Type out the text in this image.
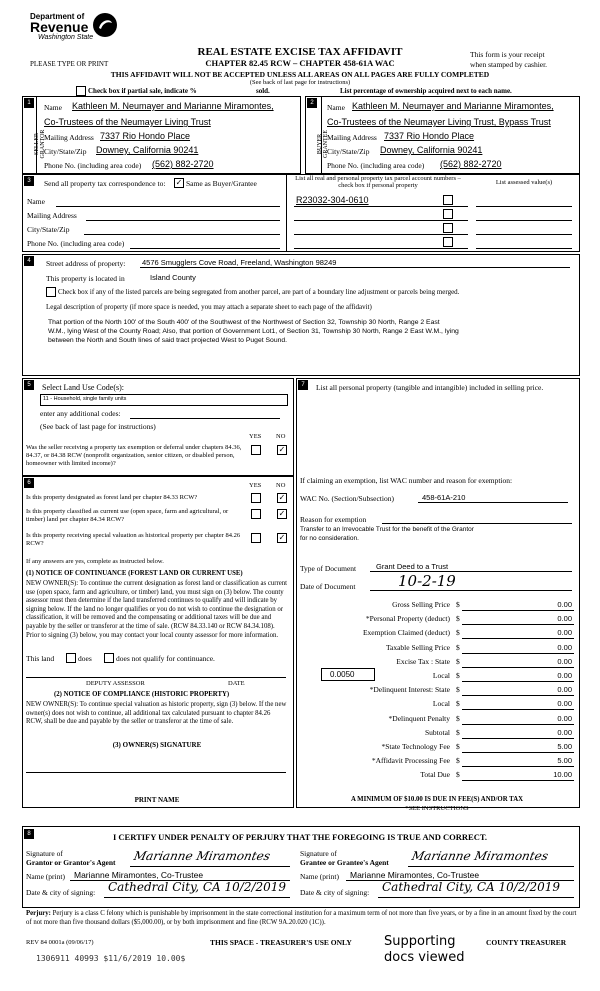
Department of
Revenue
Washington State
PLEASE TYPE OR PRINT
REAL ESTATE EXCISE TAX AFFIDAVIT
CHAPTER 82.45 RCW – CHAPTER 458-61A WAC
This form is your receipt
when stamped by cashier.
THIS AFFIDAVIT WILL NOT BE ACCEPTED UNLESS ALL AREAS ON ALL PAGES ARE FULLY COMPLETED
(See back of last page for instructions)
Check box if partial sale, indicate %	sold.	List percentage of ownership acquired next to each name.
1
SELLER GRANTOR
Name Kathleen M. Neumayer and Marianne Miramontes,
Co-Trustees of the Neumayer Living Trust
Mailing Address 7337 Rio Hondo Place
City/State/Zip Downey, California 90241
Phone No. (including area code) (562) 882-2720
2
BUYER GRANTEE
Name Kathleen M. Neumayer and Marianne Miramontes,
Co-Trustees of the Neumayer Living Trust, Bypass Trust
Mailing Address 7337 Rio Hondo Place
City/State/Zip Downey, California 90241
Phone No. (including area code) (562) 882-2720
3	Send all property tax correspondence to: ✓ Same as Buyer/Grantee
Name
Mailing Address
City/State/Zip
Phone No. (including area code)
List all real and personal property tax parcel account numbers – check box if personal property
R23032-304-0610
List assessed value(s)
4	Street address of property: 4576 Smugglers Cove Road, Freeland, Washington 98249
This property is located in	Island County
Check box if any of the listed parcels are being segregated from another parcel, are part of a boundary line adjustment or parcels being merged.
Legal description of property (if more space is needed, you may attach a separate sheet to each page of the affidavit)
That portion of the North 100' of the South 400' of the Southwest of the Northwest of Section 32, Township 30 North, Range 2 East
W.M., lying West of the County Road; Also, that portion of Government Lot1, of Section 31, Township 30 North, Range 2 East W.M., lying
between the North and South lines of said tract projected West to Puget Sound.
5	Select Land Use Code(s):
11 - Household, single family units
enter any additional codes:
(See back of last page for instructions)
YES NO
Was the seller receiving a property tax exemption or deferral under chapters 84.36, 84.37, or 84.38 RCW (nonprofit organization, senior citizen, or disabled person, homeowner with limited income)?
✓
6	YES NO
Is this property designated as forest land per chapter 84.33 RCW?	✓
Is this property classified as current use (open space, farm and agricultural, or timber) land per chapter 84.34 RCW?
✓
Is this property receiving special valuation as historical property per chapter 84.26 RCW?
✓
If any answers are yes, complete as instructed below.
(1) NOTICE OF CONTINUANCE (FOREST LAND OR CURRENT USE)
NEW OWNER(S): To continue the current designation as forest land or classification as current use (open space, farm and agriculture, or timber) land, you must sign on (3) below. The county assessor must then determine if the land transferred continues to qualify and will indicate by signing below. If the land no longer qualifies or you do not wish to continue the designation or classification, it will be removed and the compensating or additional taxes will be due and payable by the seller or transferor at the time of sale. (RCW 84.33.140 or RCW 84.34.108). Prior to signing (3) below, you may contact your local county assessor for more information.
This land	does	does not qualify for continuance.
DEPUTY ASSESSOR	DATE
(2) NOTICE OF COMPLIANCE (HISTORIC PROPERTY)
NEW OWNER(S): To continue special valuation as historic property, sign (3) below. If the new owner(s) does not wish to continue, all additional tax calculated pursuant to chapter 84.26 RCW, shall be due and payable by the seller or transferor at the time of sale.
(3) OWNER(S) SIGNATURE
PRINT NAME
7	List all personal property (tangible and intangible) included in selling price.
If claiming an exemption, list WAC number and reason for exemption:
WAC No. (Section/Subsection)	458-61A-210
Reason for exemption
Transfer to an Irrevocable Trust for the benefit of the Grantor
for no consideration.
Type of Document	Grant Deed to a Trust
Date of Document	10-2-19
Gross Selling Price $	0.00
*Personal Property (deduct) $	0.00
Exemption Claimed (deduct) $	0.00
Taxable Selling Price $	0.00
Excise Tax : State $	0.00
Local $	0.00
*Delinquent Interest: State $	0.00
Local $	0.00
*Delinquent Penalty $	0.00
Subtotal $	0.00
*State Technology Fee $	5.00
*Affidavit Processing Fee $	5.00
Total Due $	10.00
0.0050
A MINIMUM OF $10.00 IS DUE IN FEE(S) AND/OR TAX
*SEE INSTRUCTIONS
8	I CERTIFY UNDER PENALTY OF PERJURY THAT THE FOREGOING IS TRUE AND CORRECT.
Signature of
Grantor or Grantor's Agent Marianne Miramontes
Name (print) Marianne Miramontes, Co-Trustee
Date & city of signing: Cathedral City, CA 10/2/2019
Signature of
Grantee or Grantee's Agent Marianne Miramontes
Name (print) Marianne Miramontes, Co-Trustee
Date & city of signing: Cathedral City, CA 10/2/2019
Perjury: Perjury is a class C felony which is punishable by imprisonment in the state correctional institution for a maximum term of not more than five years, or by a fine in an amount fixed by the court of not more than five thousand dollars ($5,000.00), or by both imprisonment and fine (RCW 9A.20.020 (1C)).
REV 84 0001a (09/06/17)	THIS SPACE - TREASURER'S USE ONLY	COUNTY TREASURER
Supporting
docs viewed
1306911 40993 $11/6/2019 10.00$
